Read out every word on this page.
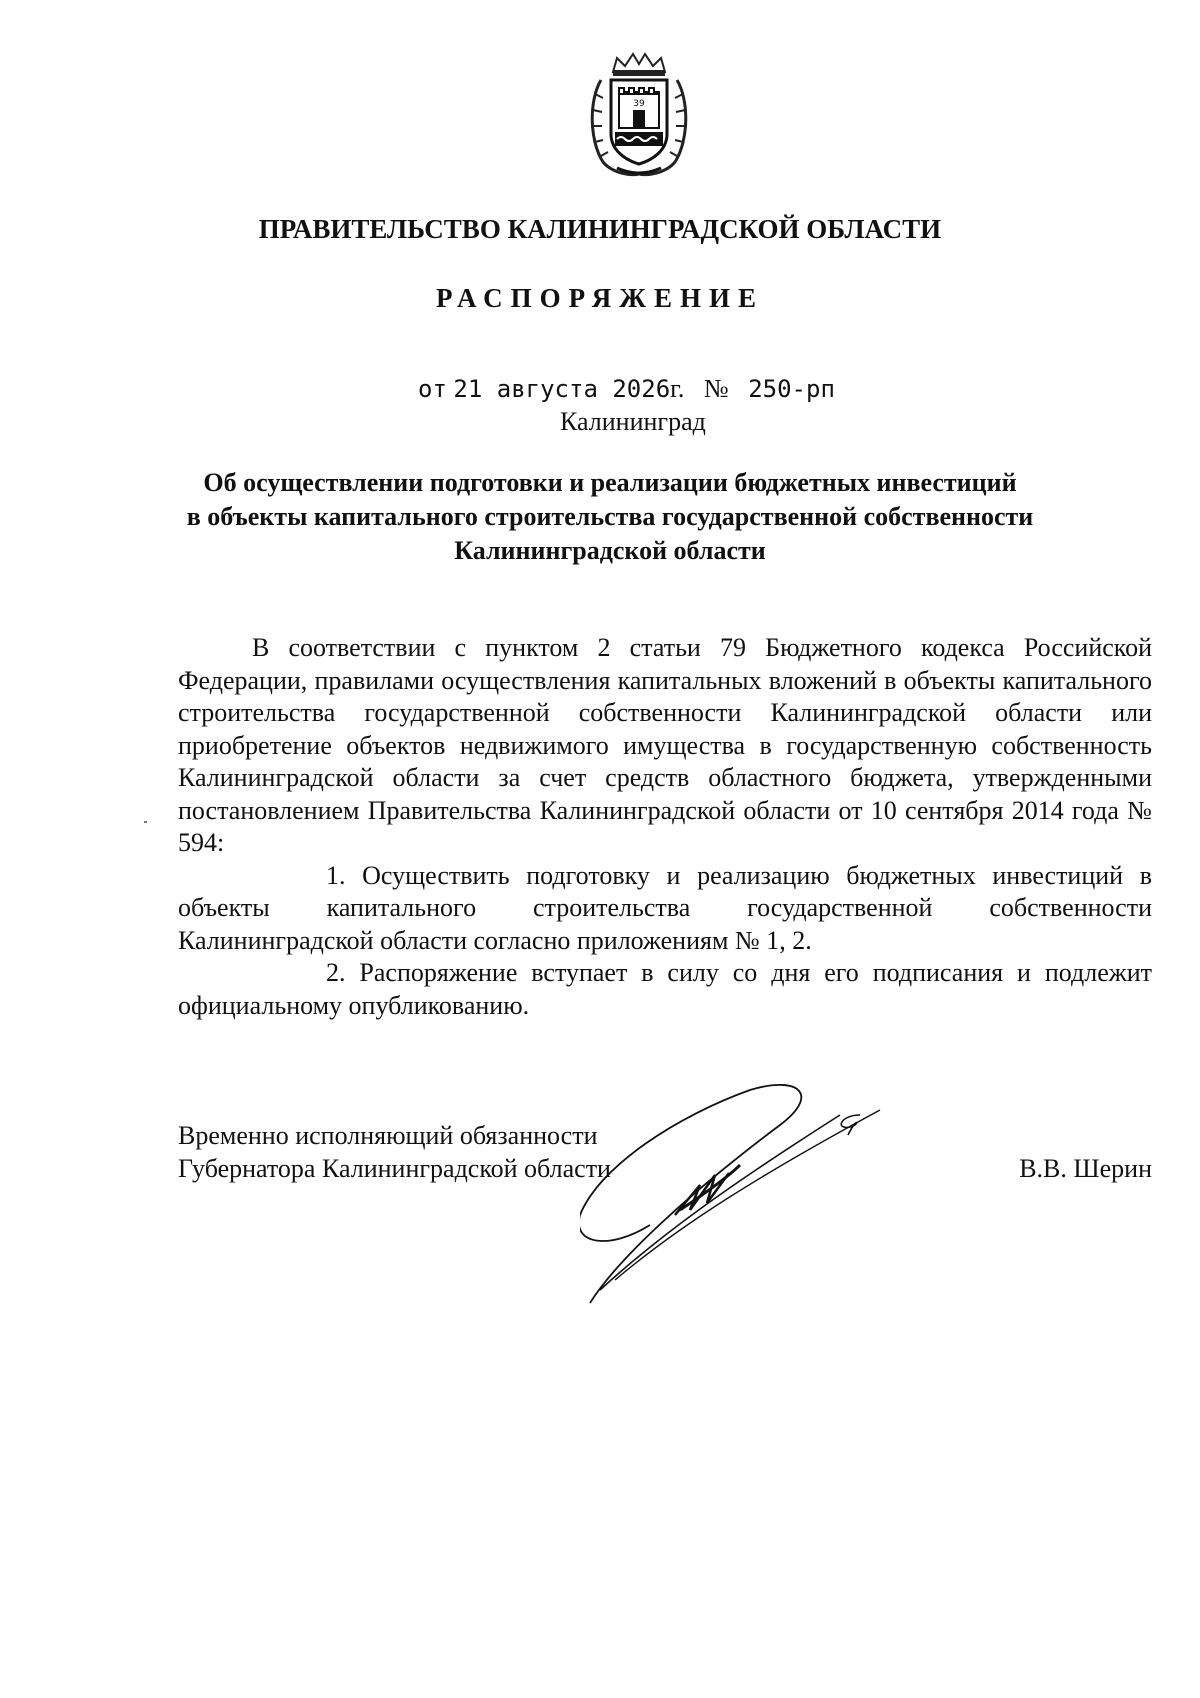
39
ПРАВИТЕЛЬСТВО КАЛИНИНГРАДСКОЙ ОБЛАСТИ
РАСПОРЯЖЕНИЕ
от 21 августа 2026г. № 250-рп
Калининград
Об осуществлении подготовки и реализации бюджетных инвестиций
в объекты капитального строительства государственной собственности
Калининградской области

В соответствии с пунктом 2 статьи 79 Бюджетного кодекса Российской Федерации, правилами осуществления капитальных вложений в объекты капитального строительства государственной собственности Калининградской области или приобретение объектов недвижимого имущества в государственную собственность Калининградской области за счет средств областного бюджета, утвержденными постановлением Правительства Калининградской области от 10 сентября 2014 года № 594:

1. Осуществить подготовку и реализацию бюджетных инвестиций в объекты капитального строительства государственной собственности Калининградской области согласно приложениям № 1, 2.

2. Распоряжение вступает в силу со дня его подписания и подлежит официальному опубликованию.

Временно исполняющий обязанности
Губернатора Калининградской области	В.В. Шерин
